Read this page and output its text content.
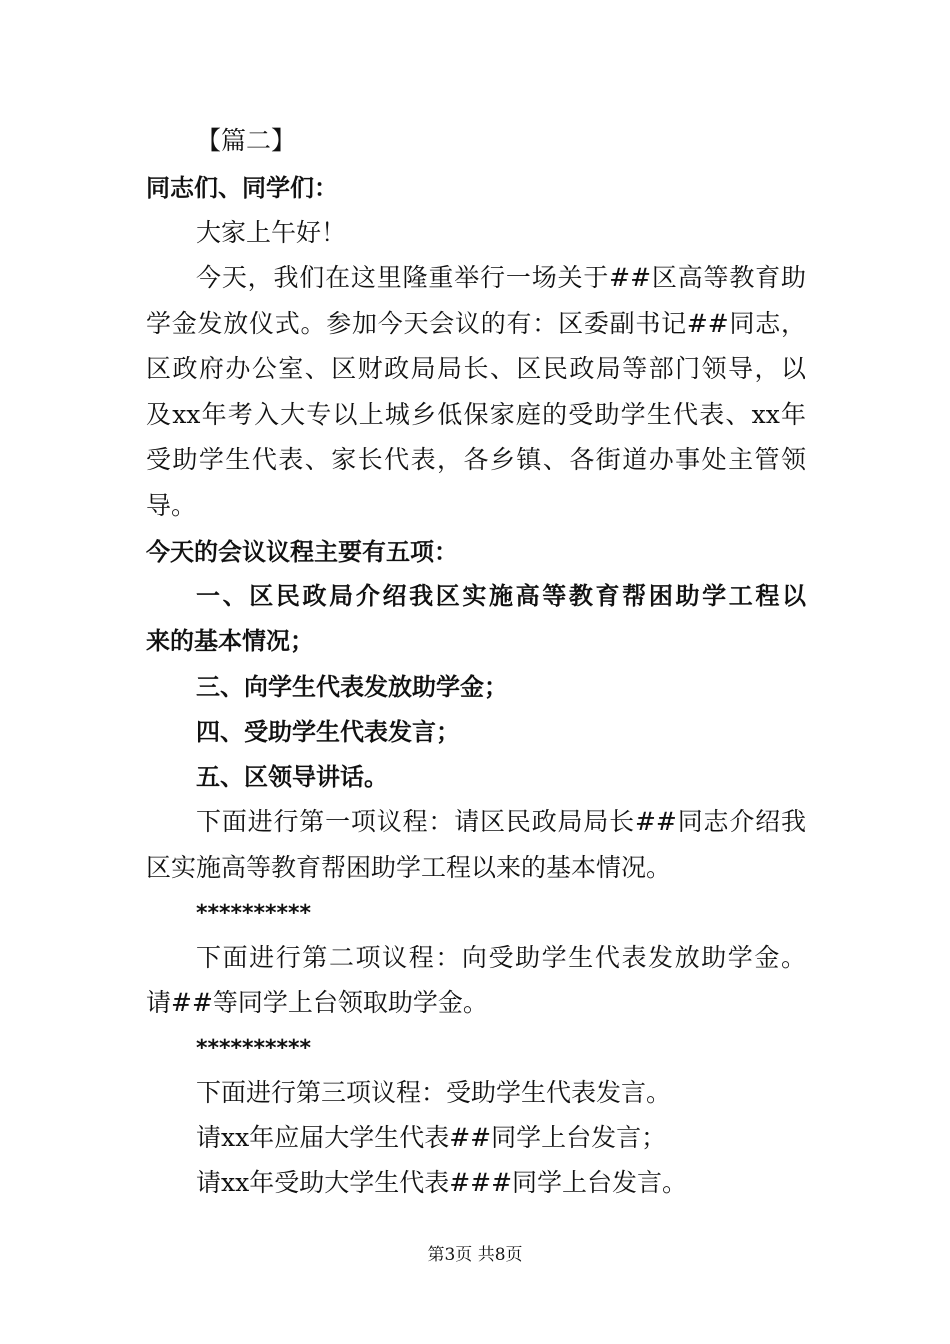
【篇二】
同志们、同学们：
大家上午好！
今天，我们在这里隆重举行一场关于##区高等教育助
学金发放仪式。参加今天会议的有：区委副书记##同志，
区政府办公室、区财政局局长、区民政局等部门领导，以
及xx年考入大专以上城乡低保家庭的受助学生代表、xx年
受助学生代表、家长代表，各乡镇、各街道办事处主管领
导。
今天的会议议程主要有五项：
一、区民政局介绍我区实施高等教育帮困助学工程以
来的基本情况；
三、向学生代表发放助学金；
四、受助学生代表发言；
五、区领导讲话。
下面进行第一项议程：请区民政局局长##同志介绍我
区实施高等教育帮困助学工程以来的基本情况。
**********
下面进行第二项议程：向受助学生代表发放助学金。
请##等同学上台领取助学金。
**********
下面进行第三项议程：受助学生代表发言。
请xx年应届大学生代表##同学上台发言；
请xx年受助大学生代表###同学上台发言。
第3页 共8页
